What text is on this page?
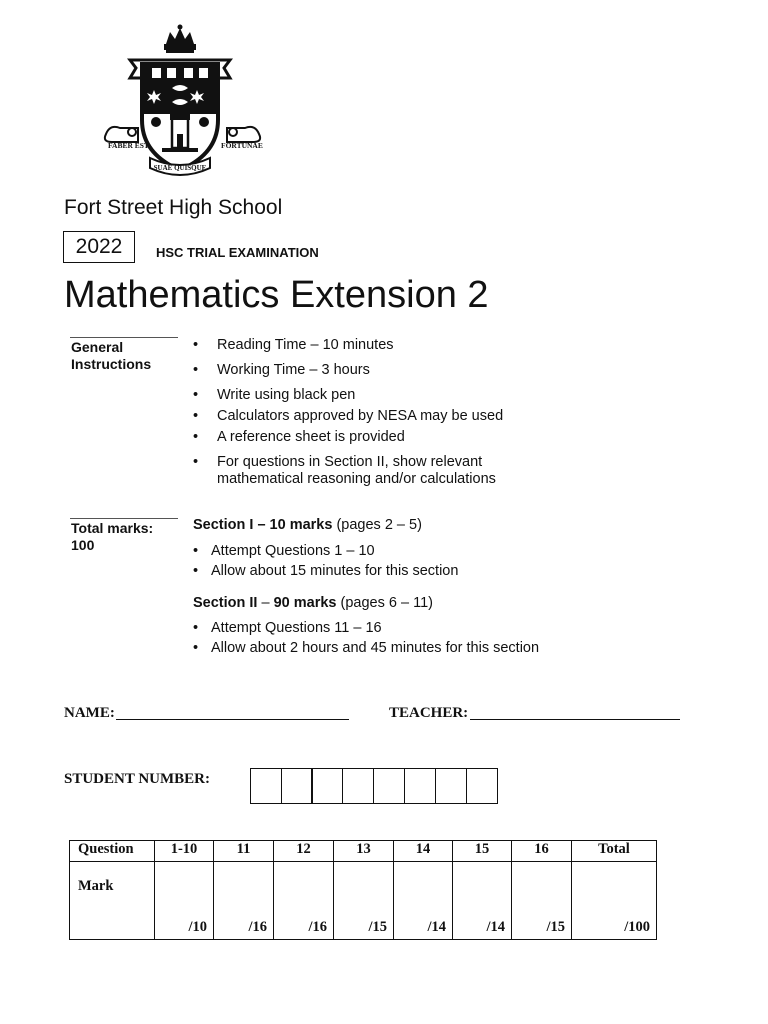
FABER EST	FORTUNAE
SUAE QUISQUE
Fort Street High School
2022	HSC TRIAL EXAMINATION
Mathematics Extension 2
General Instructions
• Reading Time – 10 minutes
• Working Time – 3 hours
• Write using black pen
• Calculators approved by NESA may be used
• A reference sheet is provided
• For questions in Section II, show relevant mathematical reasoning and/or calculations
Total marks:
100
Section I – 10 marks (pages 2 – 5)
• Attempt Questions 1 – 10
• Allow about 15 minutes for this section
Section II – 90 marks (pages 6 – 11)
• Attempt Questions 11 – 16
• Allow about 2 hours and 45 minutes for this section
NAME:	TEACHER:
STUDENT NUMBER:
Question	1-10	11	12	13	14	15	16	Total
Mark	/10	/16	/16	/15	/14	/14	/15	/100
